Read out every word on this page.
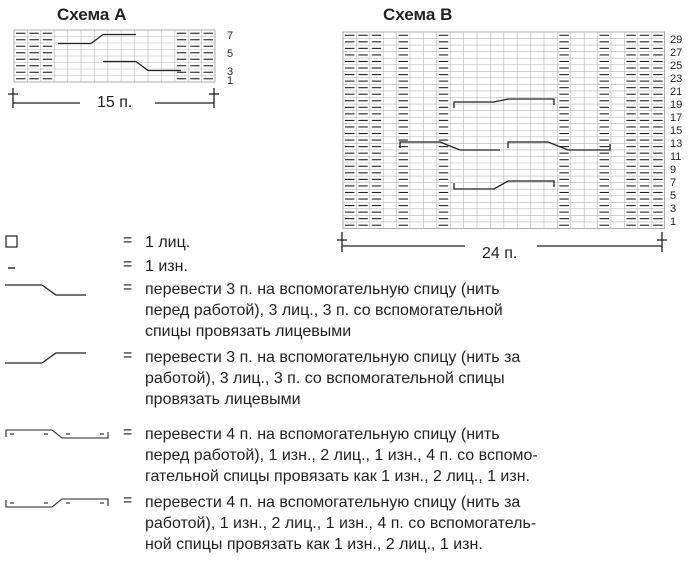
Схема А	Схема В
7
5
3
1
15 п.
29
27
25
23
21
19
17
15
13
11
9
7
5
3
1
24 п.
= 1 лиц.
= 1 изн.
= перевести 3 п. на вспомогательную спицу (нить
перед работой), 3 лиц., 3 п. со вспомогательной
спицы провязать лицевыми
= перевести 3 п. на вспомогательную спицу (нить за
работой), 3 лиц., 3 п. со вспомогательной спицы
провязать лицевыми
= перевести 4 п. на вспомогательную спицу (нить
перед работой), 1 изн., 2 лиц., 1 изн., 4 п. со вспомо-
гательной спицы провязать как 1 изн., 2 лиц., 1 изн.
= перевести 4 п. на вспомогательную спицу (нить за
работой), 1 изн., 2 лиц., 1 изн., 4 п. со вспомогатель-
ной спицы провязать как 1 изн., 2 лиц., 1 изн.
